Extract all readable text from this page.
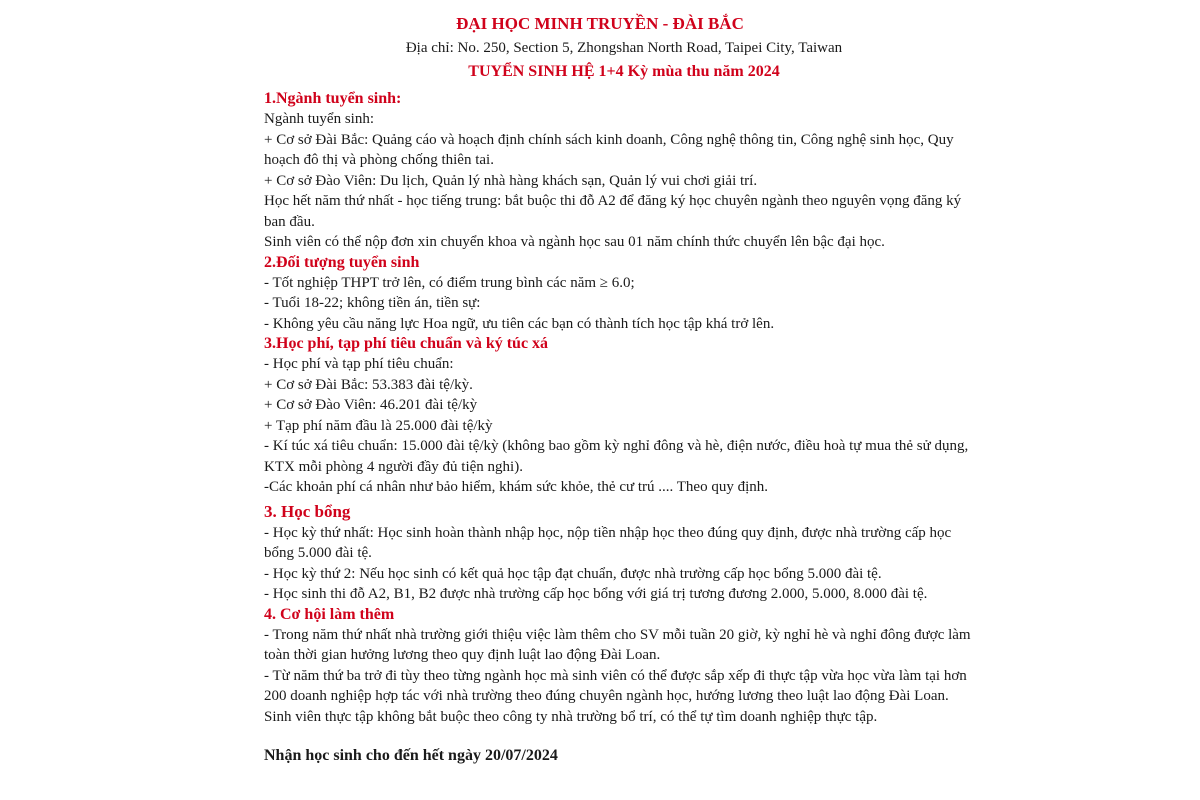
ĐẠI HỌC MINH TRUYỀN - ĐÀI BẮC

Địa chỉ: No. 250, Section 5, Zhongshan North Road, Taipei City, Taiwan

TUYỂN SINH HỆ 1+4 Kỳ mùa thu năm 2024

1.Ngành tuyển sinh:

Ngành tuyển sinh:

+ Cơ sở Đài Bắc: Quảng cáo và hoạch định chính sách kinh doanh, Công nghệ thông tin, Công nghệ sinh học, Quy hoạch đô thị và phòng chống thiên tai.

+ Cơ sở Đào Viên: Du lịch, Quản lý nhà hàng khách sạn, Quản lý vui chơi giải trí.

Học hết năm thứ nhất - học tiếng trung: bắt buộc thi đỗ A2 để đăng ký học chuyên ngành theo nguyên vọng đăng ký ban đầu.

Sinh viên có thể nộp đơn xin chuyển khoa và ngành học sau 01 năm chính thức chuyển lên bậc đại học.

2.Đối tượng tuyển sinh

- Tốt nghiệp THPT trở lên, có điểm trung bình các năm ≥ 6.0;

- Tuổi 18-22; không tiền án, tiền sự:

- Không yêu cầu năng lực Hoa ngữ, ưu tiên các bạn có thành tích học tập khá trở lên.

3.Học phí, tạp phí tiêu chuẩn và ký túc xá

- Học phí và tạp phí tiêu chuẩn:

+ Cơ sở Đài Bắc: 53.383 đài tệ/kỳ.

+ Cơ sở Đào Viên: 46.201 đài tệ/kỳ

+ Tạp phí năm đầu là 25.000 đài tệ/kỳ

- Kí túc xá tiêu chuẩn: 15.000 đài tệ/kỳ (không bao gồm kỳ nghỉ đông và hè, điện nước, điều hoà tự mua thẻ sử dụng, KTX mỗi phòng 4 người đầy đủ tiện nghi).

-Các khoản phí cá nhân như bảo hiểm, khám sức khỏe, thẻ cư trú .... Theo quy định.

3. Học bổng

- Học kỳ thứ nhất: Học sinh hoàn thành nhập học, nộp tiền nhập học theo đúng quy định, được nhà trường cấp học bổng 5.000 đài tệ.

- Học kỳ thứ 2: Nếu học sinh có kết quả học tập đạt chuẩn, được nhà trường cấp học bổng 5.000 đài tệ.

- Học sinh thi đỗ A2, B1, B2 được nhà trường cấp học bổng với giá trị tương đương 2.000, 5.000, 8.000 đài tệ.

4. Cơ hội làm thêm

- Trong năm thứ nhất nhà trường giới thiệu việc làm thêm cho SV mỗi tuần 20 giờ, kỳ nghỉ hè và nghỉ đông được làm toàn thời gian hưởng lương theo quy định luật lao động Đài Loan.

- Từ năm thứ ba trở đi tùy theo từng ngành học mà sinh viên có thể được sắp xếp đi thực tập vừa học vừa làm tại hơn 200 doanh nghiệp hợp tác với nhà trường theo đúng chuyên ngành học, hướng lương theo luật lao động Đài Loan. Sinh viên thực tập không bắt buộc theo công ty nhà trường bổ trí, có thể tự tìm doanh nghiệp thực tập.

Nhận học sinh cho đến hết ngày 20/07/2024
